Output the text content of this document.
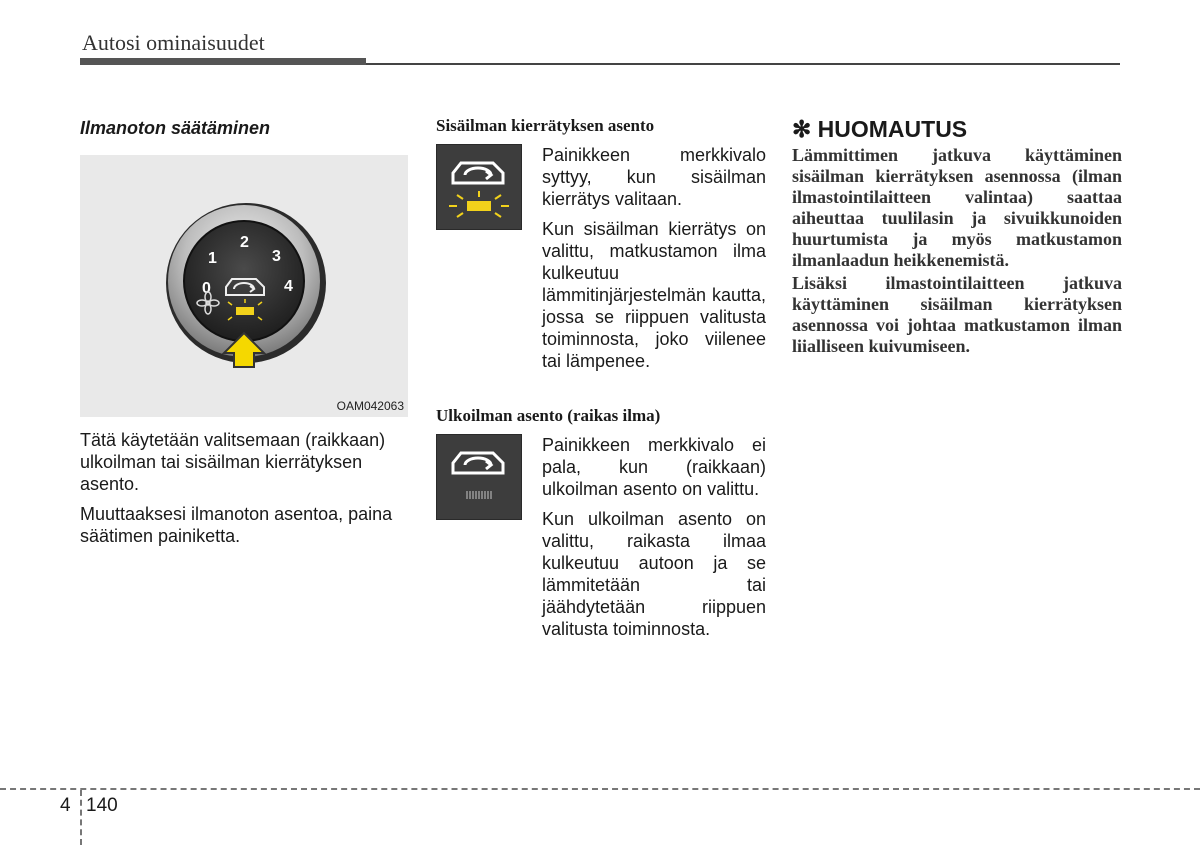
Autosi ominaisuudet

Ilmanoton säätäminen

0
1
2
3
4
OAM042063

Tätä käytetään valitsemaan (raikkaan) ulkoilman tai sisäilman kierrätyksen asento.

Muuttaaksesi ilmanoton asentoa, paina säätimen painiketta.

Sisäilman kierrätyksen asento

Painikkeen merkkivalo syttyy, kun sisäilman kierrätys valitaan.

Kun sisäilman kierrätys on valittu, matkustamon ilma kulkeutuu lämmitinjärjestelmän kautta, jossa se riippuen valitusta toiminnosta, joko viilenee tai lämpenee.

Ulkoilman asento (raikas ilma)

Painikkeen merkkivalo ei pala, kun (raikkaan) ulkoilman asento on valittu.

Kun ulkoilman asento on valittu, raikasta ilmaa kulkeutuu autoon ja se lämmitetään tai jäähdytetään riippuen valitusta toiminnosta.

✻ HUOMAUTUS

Lämmittimen jatkuva käyttäminen sisäilman kierrätyksen asennossa (ilman ilmastointilaitteen valintaa) saattaa aiheuttaa tuulilasin ja sivuikkunoiden huurtumista ja myös matkustamon ilmanlaadun heikkenemistä.

Lisäksi ilmastointilaitteen jatkuva käyttäminen sisäilman kierrätyksen asennossa voi johtaa matkustamon ilman liialliseen kuivumiseen.

4 140
